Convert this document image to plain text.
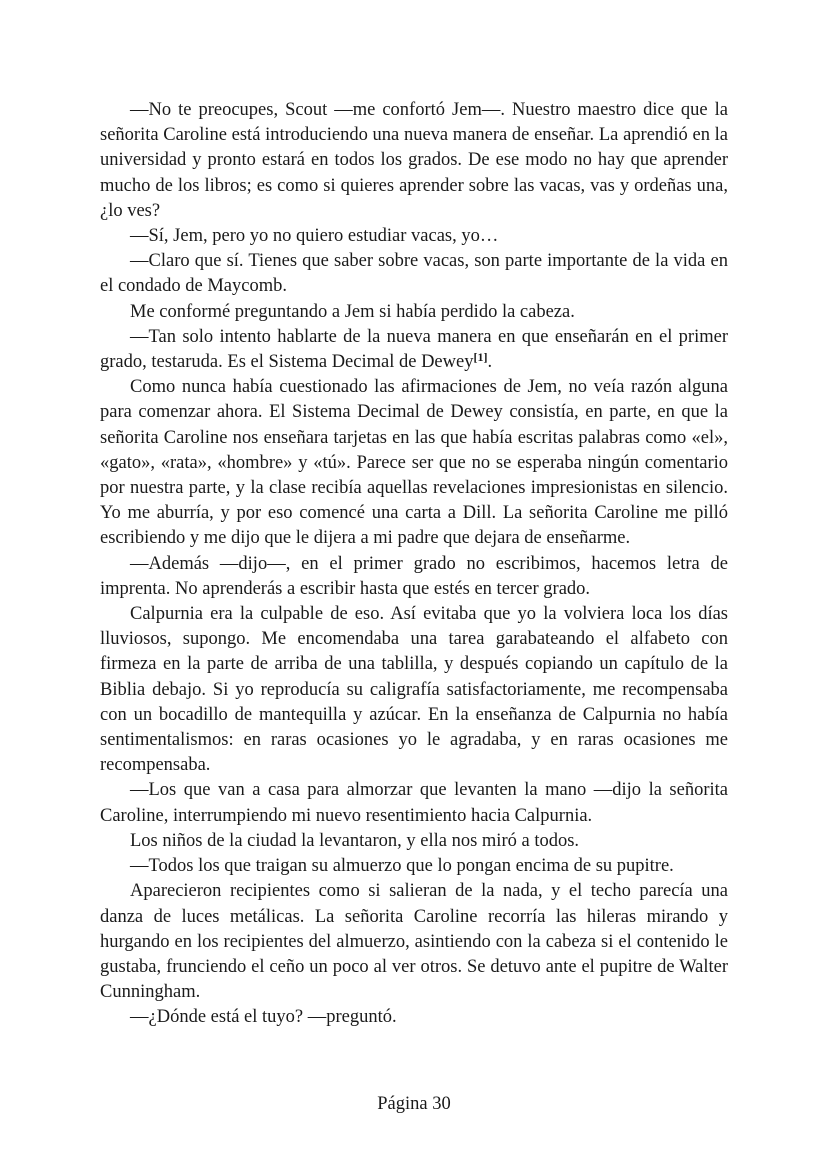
—No te preocupes, Scout —me confortó Jem—. Nuestro maestro dice que la señorita Caroline está introduciendo una nueva manera de enseñar. La aprendió en la universidad y pronto estará en todos los grados. De ese modo no hay que aprender mucho de los libros; es como si quieres aprender sobre las vacas, vas y ordeñas una, ¿lo ves?

—Sí, Jem, pero yo no quiero estudiar vacas, yo…

—Claro que sí. Tienes que saber sobre vacas, son parte importante de la vida en el condado de Maycomb.

Me conformé preguntando a Jem si había perdido la cabeza.

—Tan solo intento hablarte de la nueva manera en que enseñarán en el primer grado, testaruda. Es el Sistema Decimal de Dewey[1].

Como nunca había cuestionado las afirmaciones de Jem, no veía razón alguna para comenzar ahora. El Sistema Decimal de Dewey consistía, en parte, en que la señorita Caroline nos enseñara tarjetas en las que había escritas palabras como «el», «gato», «rata», «hombre» y «tú». Parece ser que no se esperaba ningún comentario por nuestra parte, y la clase recibía aquellas revelaciones impresionistas en silencio. Yo me aburría, y por eso comencé una carta a Dill. La señorita Caroline me pilló escribiendo y me dijo que le dijera a mi padre que dejara de enseñarme.

—Además —dijo—, en el primer grado no escribimos, hacemos letra de imprenta. No aprenderás a escribir hasta que estés en tercer grado.

Calpurnia era la culpable de eso. Así evitaba que yo la volviera loca los días lluviosos, supongo. Me encomendaba una tarea garabateando el alfabeto con firmeza en la parte de arriba de una tablilla, y después copiando un capítulo de la Biblia debajo. Si yo reproducía su caligrafía satisfactoriamente, me recompensaba con un bocadillo de mantequilla y azúcar. En la enseñanza de Calpurnia no había sentimentalismos: en raras ocasiones yo le agradaba, y en raras ocasiones me recompensaba.

—Los que van a casa para almorzar que levanten la mano —dijo la señorita Caroline, interrumpiendo mi nuevo resentimiento hacia Calpurnia.

Los niños de la ciudad la levantaron, y ella nos miró a todos.

—Todos los que traigan su almuerzo que lo pongan encima de su pupitre.

Aparecieron recipientes como si salieran de la nada, y el techo parecía una danza de luces metálicas. La señorita Caroline recorría las hileras mirando y hurgando en los recipientes del almuerzo, asintiendo con la cabeza si el contenido le gustaba, frunciendo el ceño un poco al ver otros. Se detuvo ante el pupitre de Walter Cunningham.

—¿Dónde está el tuyo? —preguntó.

Página 30
